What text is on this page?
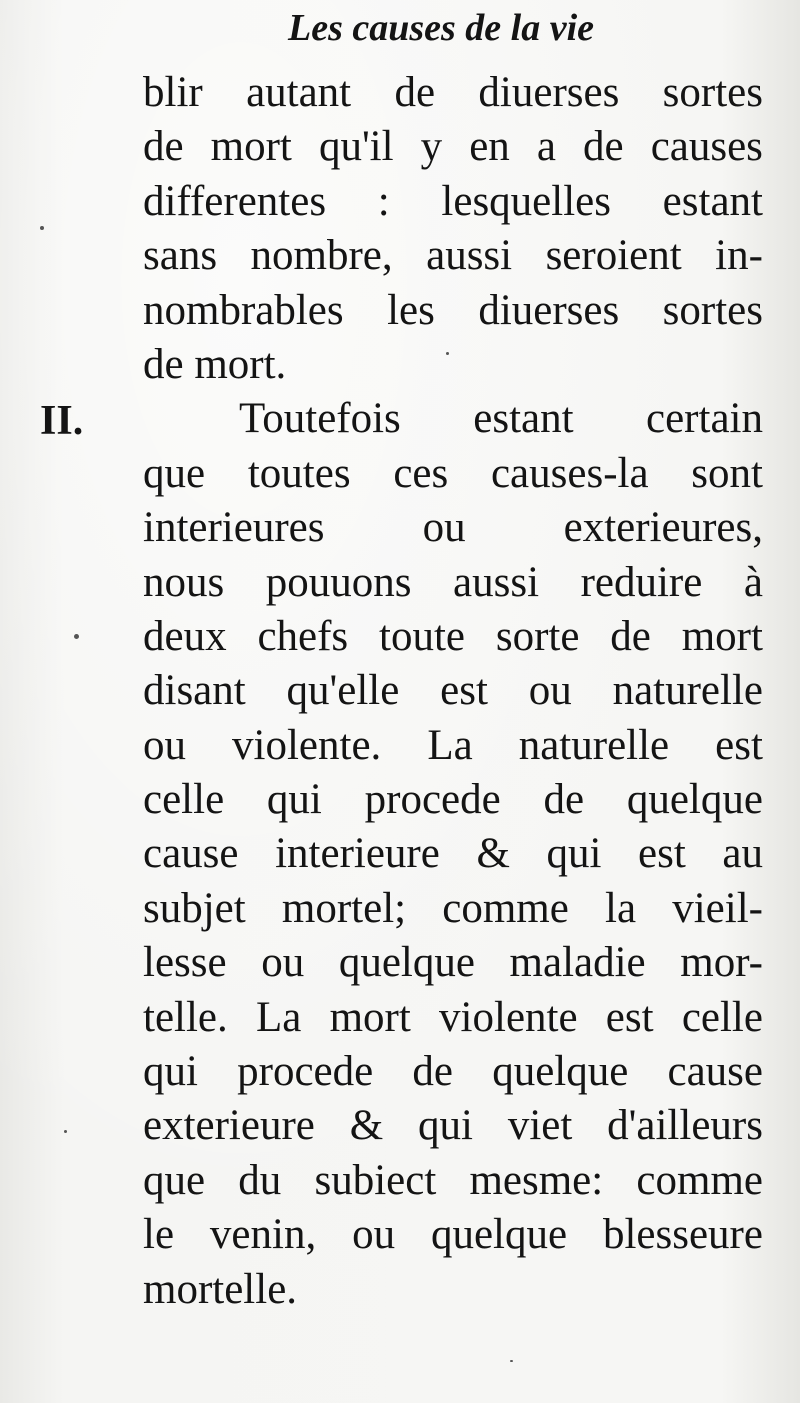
Les causes de la vie
II.
blir autant de diuerses sortes
de mort qu'il y en a de causes
differentes : lesquelles estant
sans nombre, aussi seroient in-
nombrables les diuerses sortes
de mort.
Toutefois estant certain
que toutes ces causes-la sont
interieures ou exterieures,
nous pouuons aussi reduire à
deux chefs toute sorte de mort
disant qu'elle est ou naturelle
ou violente. La naturelle est
celle qui procede de quelque
cause interieure & qui est au
subjet mortel; comme la vieil-
lesse ou quelque maladie mor-
telle. La mort violente est celle
qui procede de quelque cause
exterieure & qui viet d'ailleurs
que du subiect mesme: comme
le venin, ou quelque blesseure
mortelle.
